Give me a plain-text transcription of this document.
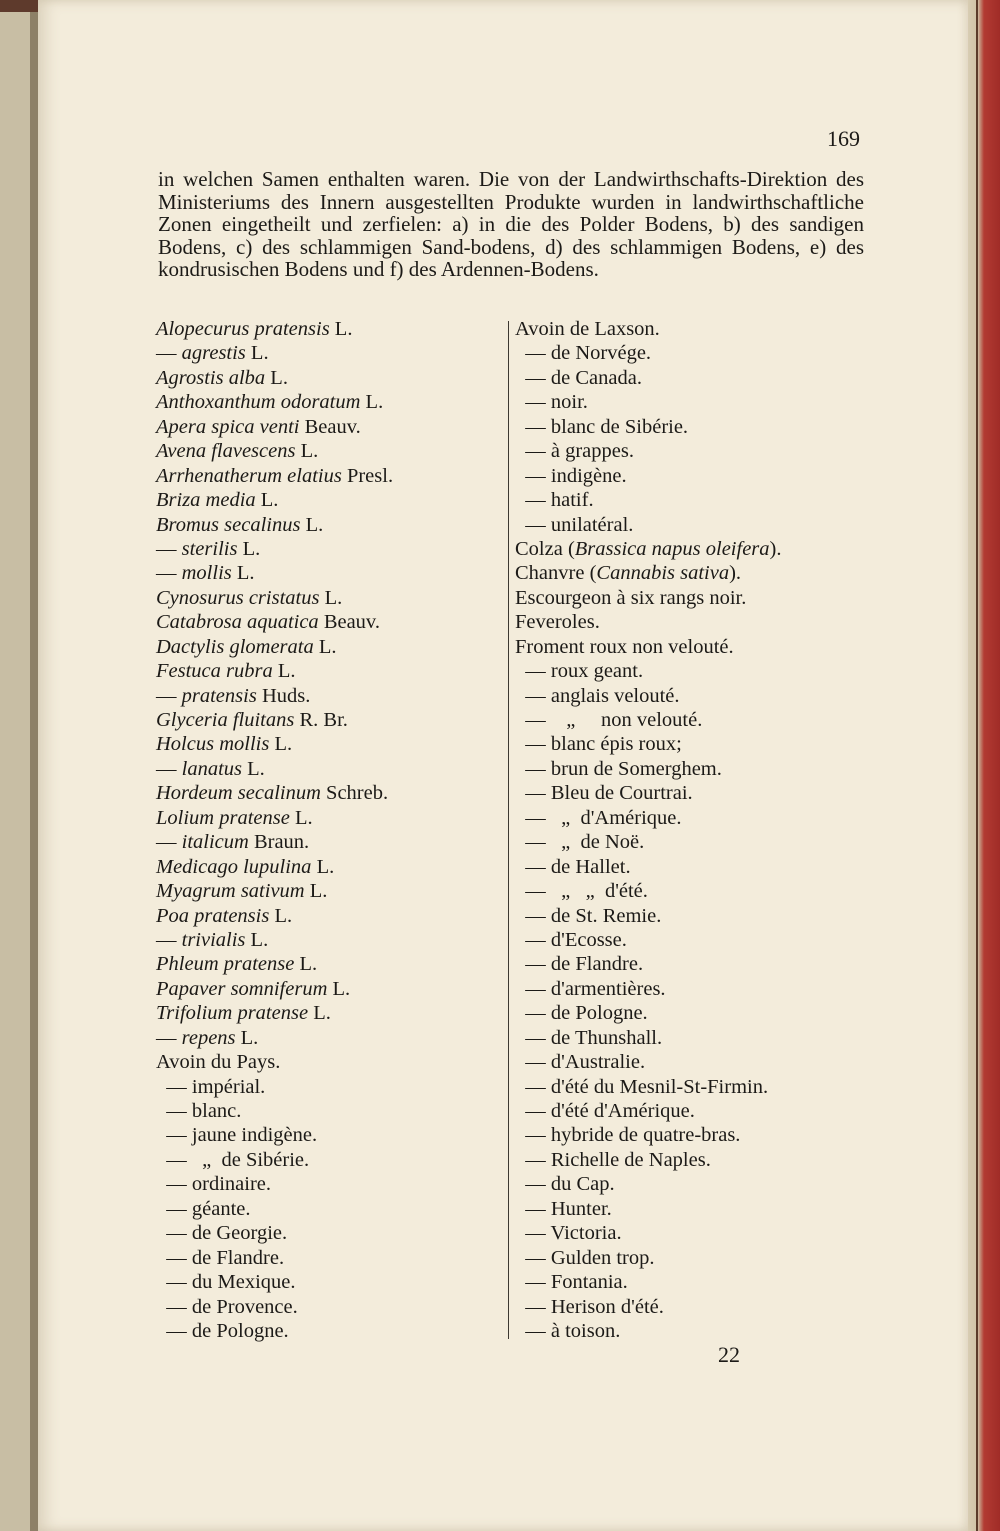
169

in welchen Samen enthalten waren. Die von der Landwirthschafts-Direktion des Ministeriums des Innern ausgestellten Produkte wurden in landwirthschaftliche Zonen eingetheilt und zerfielen: a) in die des Polder Bodens, b) des sandigen Bodens, c) des schlammigen Sand-bodens, d) des schlammigen Bodens, e) des kondrusischen Bodens und f) des Ardennen-Bodens.

Alopecurus pratensis L.
— agrestis L.
Agrostis alba L.
Anthoxanthum odoratum L.
Apera spica venti Beauv.
Avena flavescens L.
Arrhenatherum elatius Presl.
Briza media L.
Bromus secalinus L.
— sterilis L.
— mollis L.
Cynosurus cristatus L.
Catabrosa aquatica Beauv.
Dactylis glomerata L.
Festuca rubra L.
— pratensis Huds.
Glyceria fluitans R. Br.
Holcus mollis L.
— lanatus L.
Hordeum secalinum Schreb.
Lolium pratense L.
— italicum Braun.
Medicago lupulina L.
Myagrum sativum L.
Poa pratensis L.
— trivialis L.
Phleum pratense L.
Papaver somniferum L.
Trifolium pratense L.
— repens L.
Avoin du Pays.
— impérial.
— blanc.
— jaune indigène.
—   „  de Sibérie.
— ordinaire.
— géante.
— de Georgie.
— de Flandre.
— du Mexique.
— de Provence.
— de Pologne.
Avoin de Laxson.
— de Norvége.
— de Canada.
— noir.
— blanc de Sibérie.
— à grappes.
— indigène.
— hatif.
— unilatéral.
Colza (Brassica napus oleifera).
Chanvre (Cannabis sativa).
Escourgeon à six rangs noir.
Feveroles.
Froment roux non velouté.
— roux geant.
— anglais velouté.
—    „     non velouté.
— blanc épis roux;
— brun de Somerghem.
— Bleu de Courtrai.
—   „  d'Amérique.
—   „  de Noë.
— de Hallet.
—   „   „  d'été.
— de St. Remie.
— d'Ecosse.
— de Flandre.
— d'armentières.
— de Pologne.
— de Thunshall.
— d'Australie.
— d'été du Mesnil-St-Firmin.
— d'été d'Amérique.
— hybride de quatre-bras.
— Richelle de Naples.
— du Cap.
— Hunter.
— Victoria.
— Gulden trop.
— Fontania.
— Herison d'été.
— à toison.
22
